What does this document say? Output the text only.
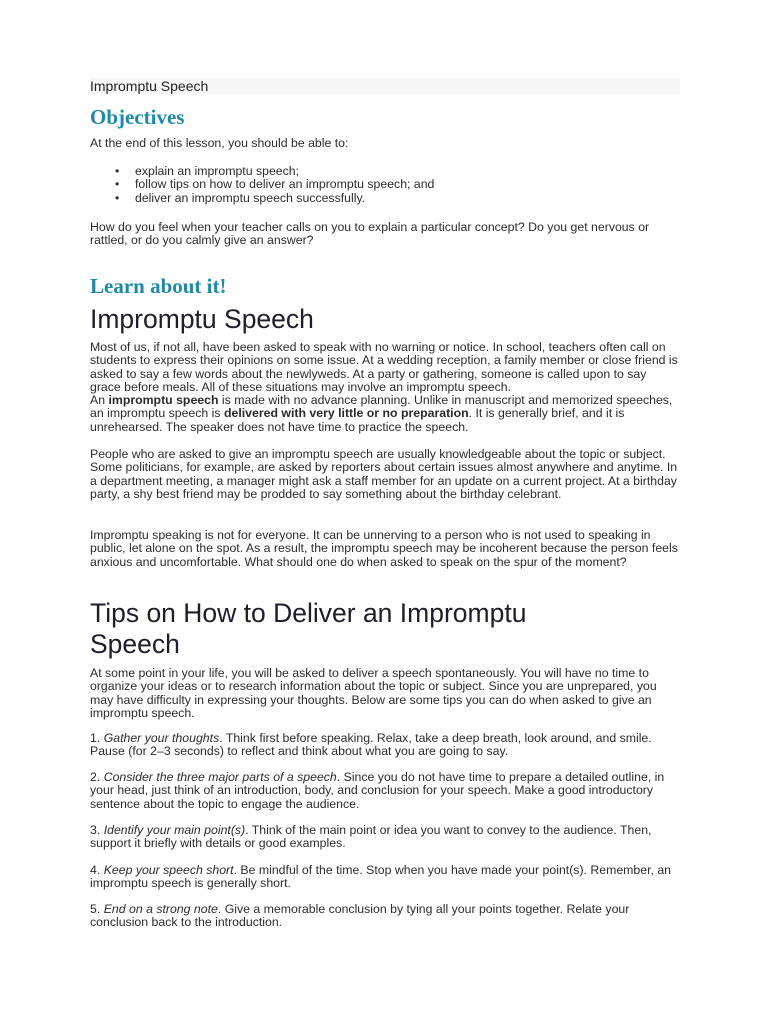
Impromptu Speech
Objectives

At the end of this lesson, you should be able to:

• explain an impromptu speech;
• follow tips on how to deliver an impromptu speech; and
• deliver an impromptu speech successfully.

How do you feel when your teacher calls on you to explain a particular concept? Do you get nervous or rattled, or do you calmly give an answer?

Learn about it!
Impromptu Speech

Most of us, if not all, have been asked to speak with no warning or notice. In school, teachers often call on students to express their opinions on some issue. At a wedding reception, a family member or close friend is asked to say a few words about the newlyweds. At a party or gathering, someone is called upon to say grace before meals. All of these situations may involve an impromptu speech.

An impromptu speech is made with no advance planning. Unlike in manuscript and memorized speeches, an impromptu speech is delivered with very little or no preparation. It is generally brief, and it is unrehearsed. The speaker does not have time to practice the speech.

People who are asked to give an impromptu speech are usually knowledgeable about the topic or subject. Some politicians, for example, are asked by reporters about certain issues almost anywhere and anytime. In a department meeting, a manager might ask a staff member for an update on a current project. At a birthday party, a shy best friend may be prodded to say something about the birthday celebrant.

Impromptu speaking is not for everyone. It can be unnerving to a person who is not used to speaking in public, let alone on the spot. As a result, the impromptu speech may be incoherent because the person feels anxious and uncomfortable. What should one do when asked to speak on the spur of the moment?

Tips on How to Deliver an Impromptu
Speech

At some point in your life, you will be asked to deliver a speech spontaneously. You will have no time to organize your ideas or to research information about the topic or subject. Since you are unprepared, you may have difficulty in expressing your thoughts. Below are some tips you can do when asked to give an impromptu speech.

1. Gather your thoughts. Think first before speaking. Relax, take a deep breath, look around, and smile. Pause (for 2–3 seconds) to reflect and think about what you are going to say.

2. Consider the three major parts of a speech. Since you do not have time to prepare a detailed outline, in your head, just think of an introduction, body, and conclusion for your speech. Make a good introductory sentence about the topic to engage the audience.

3. Identify your main point(s). Think of the main point or idea you want to convey to the audience. Then, support it briefly with details or good examples.

4. Keep your speech short. Be mindful of the time. Stop when you have made your point(s). Remember, an impromptu speech is generally short.

5. End on a strong note. Give a memorable conclusion by tying all your points together. Relate your conclusion back to the introduction.
